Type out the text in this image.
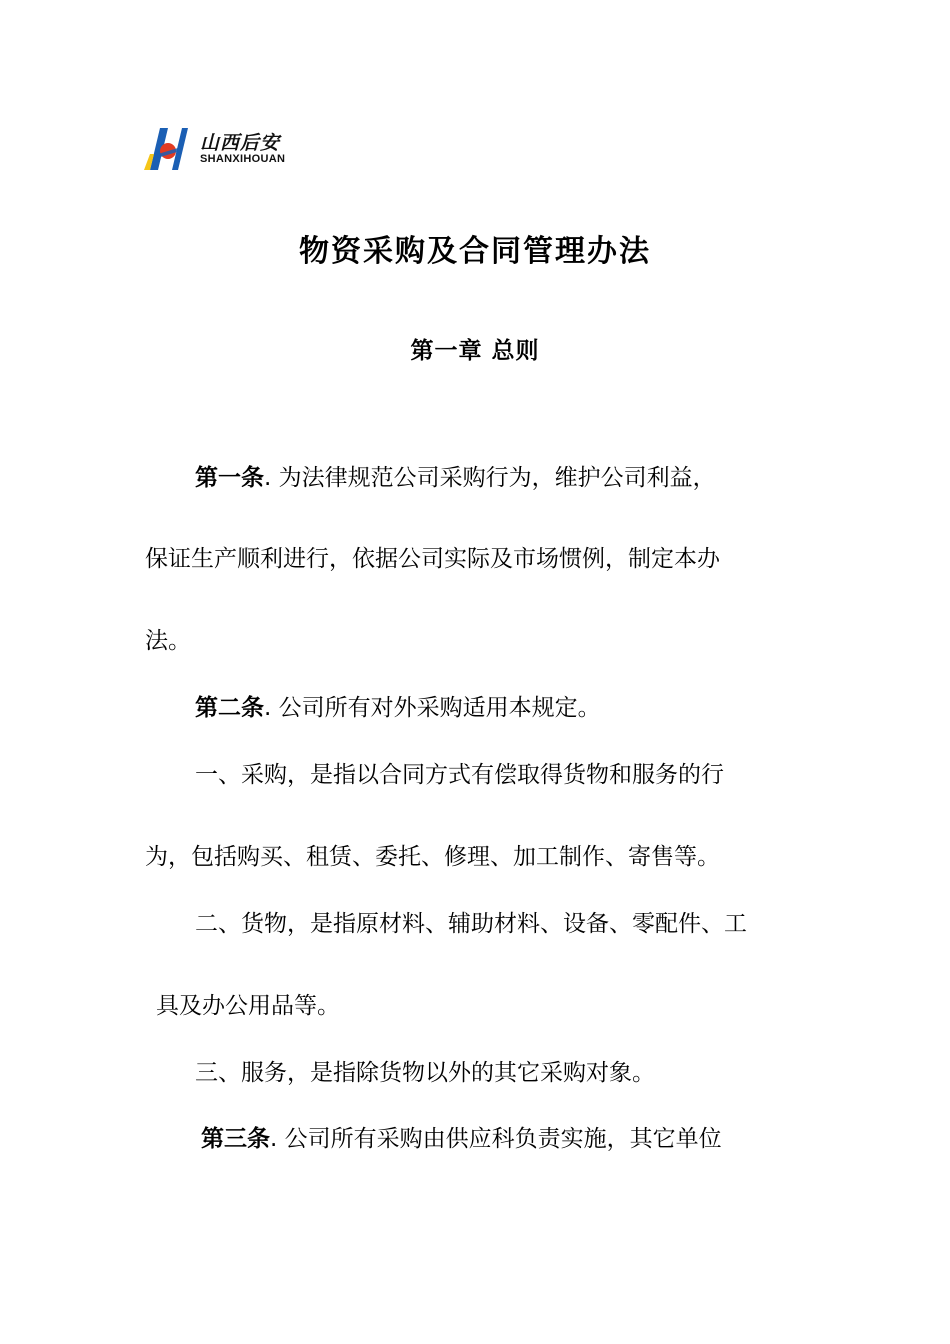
山西后安
SHANXIHOUAN
物资采购及合同管理办法
第一章 总则
第一条. 为法律规范公司采购行为，维护公司利益，
保证生产顺利进行，依据公司实际及市场惯例，制定本办
法。
第二条. 公司所有对外采购适用本规定。
一、采购，是指以合同方式有偿取得货物和服务的行
为，包括购买、租赁、委托、修理、加工制作、寄售等。
二、货物，是指原材料、辅助材料、设备、零配件、工
具及办公用品等。
三、服务，是指除货物以外的其它采购对象。
第三条. 公司所有采购由供应科负责实施，其它单位
